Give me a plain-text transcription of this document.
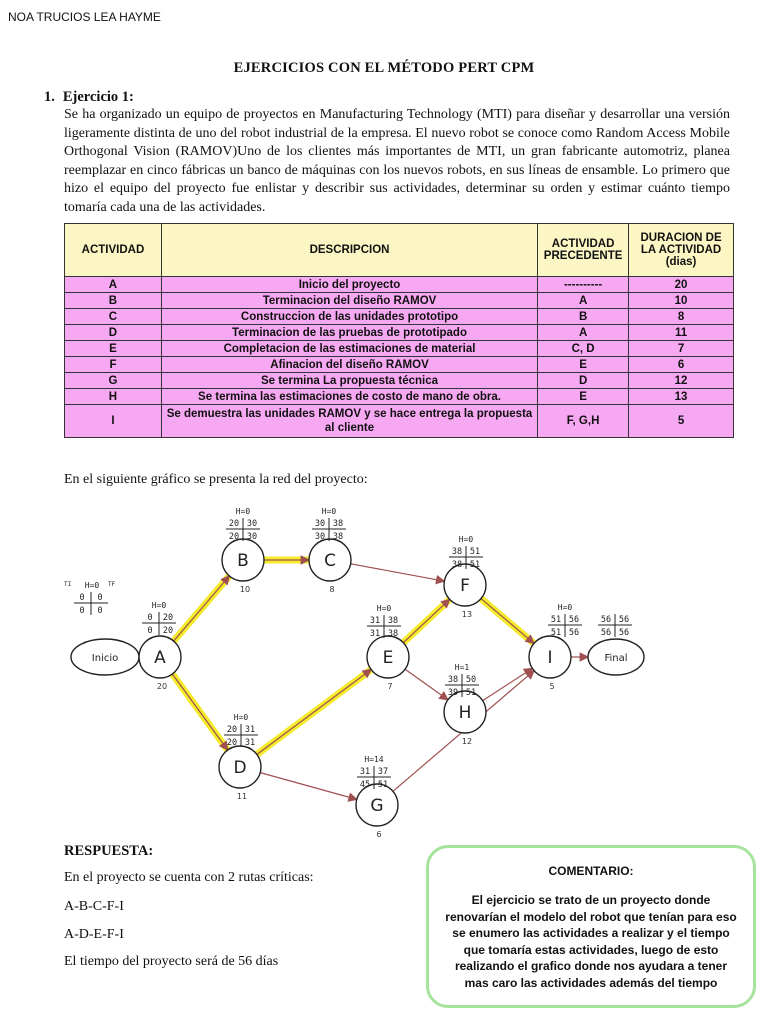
NOA TRUCIOS LEA HAYME
EJERCICIOS CON EL MÉTODO PERT CPM
1. Ejercicio 1:
Se ha organizado un equipo de proyectos en Manufacturing Technology (MTI) para diseñar y desarrollar una versión ligeramente distinta de uno del robot industrial de la empresa. El nuevo robot se conoce como Random Access Mobile Orthogonal Vision (RAMOV)Uno de los clientes más importantes de MTI, un gran fabricante automotriz, planea reemplazar en cinco fábricas un banco de máquinas con los nuevos robots, en sus líneas de ensamble. Lo primero que hizo el equipo del proyecto fue enlistar y describir sus actividades, determinar su orden y estimar cuánto tiempo tomaría cada una de las actividades.
ACTIVIDAD	DESCRIPCION	ACTIVIDAD PRECEDENTE	DURACION DE LA ACTIVIDAD (dias)
A	Inicio del proyecto	----------	20
B	Terminacion del diseño RAMOV	A	10
C	Construccion de las unidades prototipo	B	8
D	Terminacion de las pruebas de prototipado	A	11
E	Completacion de las estimaciones de material	C, D	7
F	Afinacion del diseño RAMOV	E	6
G	Se termina La propuesta técnica	D	12
H	Se termina las estimaciones de costo de mano de obra.	E	13
I	Se demuestra las unidades RAMOV y se hace entrega la propuesta al cliente	F, G,H	5
En el siguiente gráfico se presenta la red del proyecto:
Inicio A
20
H=0
0 20
0 20
B
10
H=0
20 30
20 30
C
8
H=0
30 38
30 38
D
11
H=0
20 31
20 31
E
7
H=0
31 38
31 38
F
13
H=0
38 51
38 51
G
6
H=14
31 37
45 51
H
12
H=1
38 50
39 51
I
5
H=0
51 56
51 56
Final
56 56
56 56
H=0
TI	TF
0 0
0 0
RESPUESTA:
En el proyecto se cuenta con 2 rutas críticas:
A-B-C-F-I
A-D-E-F-I
El tiempo del proyecto será de 56 días
COMENTARIO:
El ejercicio se trato de un proyecto donde renovarían el modelo del robot que tenían para eso se enumero las actividades a realizar y el tiempo que tomaría estas actividades, luego de esto realizando el grafico donde nos ayudara a tener mas caro las actividades además del tiempo
